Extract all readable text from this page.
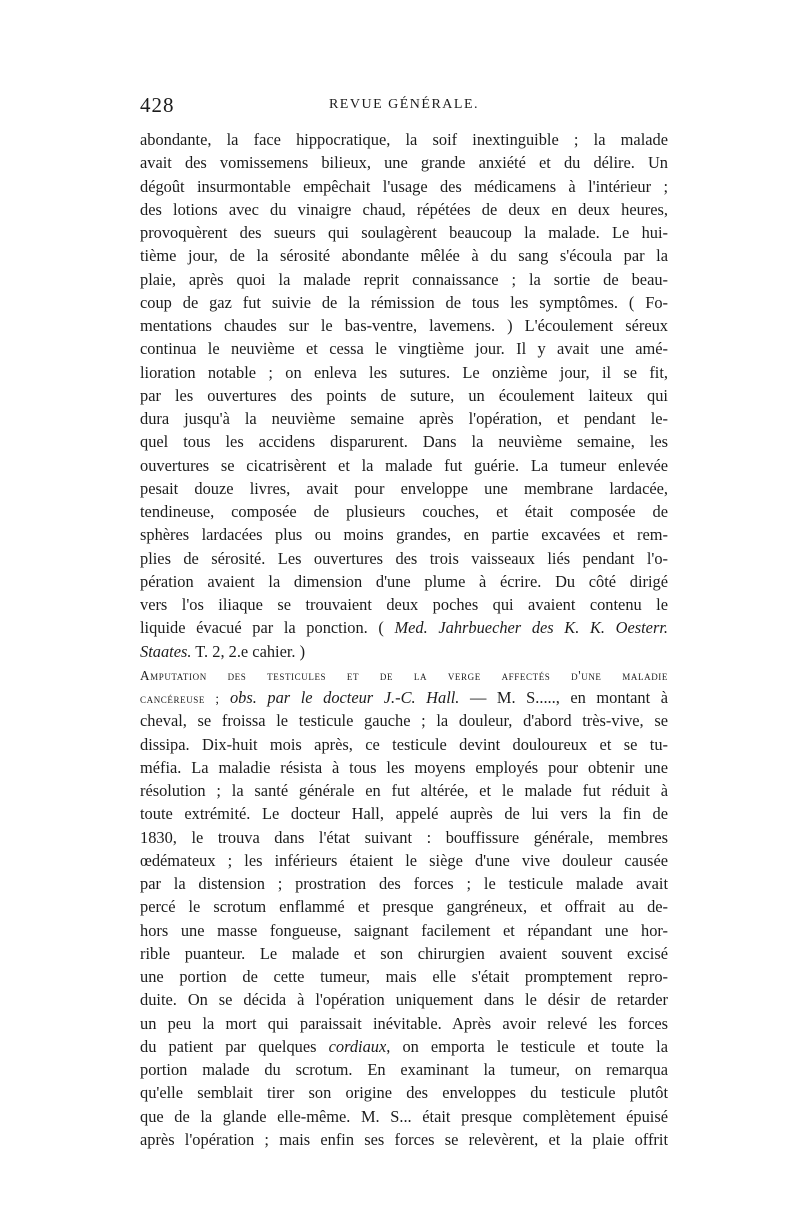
428	REVUE GÉNÉRALE.
abondante, la face hippocratique, la soif inextinguible ; la malade
avait des vomissemens bilieux, une grande anxiété et du délire. Un
dégoût insurmontable empêchait l'usage des médicamens à l'intérieur ;
des lotions avec du vinaigre chaud, répétées de deux en deux heures,
provoquèrent des sueurs qui soulagèrent beaucoup la malade. Le hui-
tième jour, de la sérosité abondante mêlée à du sang s'écoula par la
plaie, après quoi la malade reprit connaissance ; la sortie de beau-
coup de gaz fut suivie de la rémission de tous les symptômes. ( Fo-
mentations chaudes sur le bas-ventre, lavemens. ) L'écoulement séreux
continua le neuvième et cessa le vingtième jour. Il y avait une amé-
lioration notable ; on enleva les sutures. Le onzième jour, il se fit,
par les ouvertures des points de suture, un écoulement laiteux qui
dura jusqu'à la neuvième semaine après l'opération, et pendant le-
quel tous les accidens disparurent. Dans la neuvième semaine, les
ouvertures se cicatrisèrent et la malade fut guérie. La tumeur enlevée
pesait douze livres, avait pour enveloppe une membrane lardacée,
tendineuse, composée de plusieurs couches, et était composée de
sphères lardacées plus ou moins grandes, en partie excavées et rem-
plies de sérosité. Les ouvertures des trois vaisseaux liés pendant l'o-
pération avaient la dimension d'une plume à écrire. Du côté dirigé
vers l'os iliaque se trouvaient deux poches qui avaient contenu le
liquide évacué par la ponction. ( Med. Jahrbuecher des K. K. Oesterr.
Staates. T. 2, 2.e cahier. )
Amputation des testicules et de la verge affectés d'une maladie
cancéreuse ; obs. par le docteur J.-C. Hall. — M. S....., en montant à
cheval, se froissa le testicule gauche ; la douleur, d'abord très-vive, se
dissipa. Dix-huit mois après, ce testicule devint douloureux et se tu-
méfia. La maladie résista à tous les moyens employés pour obtenir une
résolution ; la santé générale en fut altérée, et le malade fut réduit à
toute extrémité. Le docteur Hall, appelé auprès de lui vers la fin de
1830, le trouva dans l'état suivant : bouffissure générale, membres
œdémateux ; les inférieurs étaient le siège d'une vive douleur causée
par la distension ; prostration des forces ; le testicule malade avait
percé le scrotum enflammé et presque gangréneux, et offrait au de-
hors une masse fongueuse, saignant facilement et répandant une hor-
rible puanteur. Le malade et son chirurgien avaient souvent excisé
une portion de cette tumeur, mais elle s'était promptement repro-
duite. On se décida à l'opération uniquement dans le désir de retarder
un peu la mort qui paraissait inévitable. Après avoir relevé les forces
du patient par quelques cordiaux, on emporta le testicule et toute la
portion malade du scrotum. En examinant la tumeur, on remarqua
qu'elle semblait tirer son origine des enveloppes du testicule plutôt
que de la glande elle-même. M. S... était presque complètement épuisé
après l'opération ; mais enfin ses forces se relevèrent, et la plaie offrit
